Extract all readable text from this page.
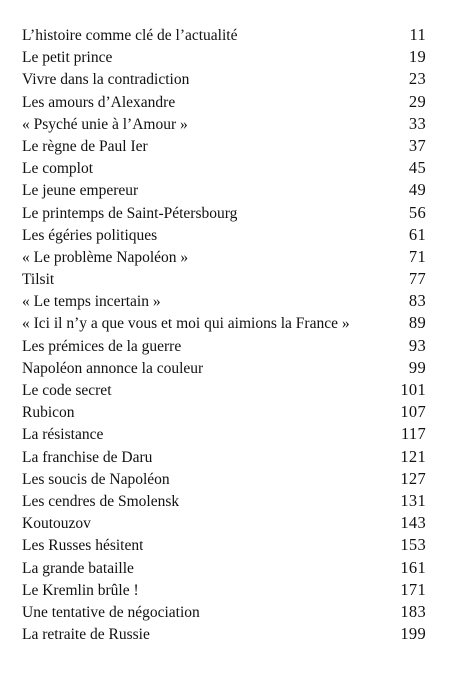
L’histoire comme clé de l’actualité	11
Le petit prince	19
Vivre dans la contradiction	23
Les amours d’Alexandre	29
« Psyché unie à l’Amour »	33
Le règne de Paul Ier	37
Le complot	45
Le jeune empereur	49
Le printemps de Saint-Pétersbourg	56
Les égéries politiques	61
« Le problème Napoléon »	71
Tilsit	77
« Le temps incertain »	83
« Ici il n’y a que vous et moi qui aimions la France »	89
Les prémices de la guerre	93
Napoléon annonce la couleur	99
Le code secret	101
Rubicon	107
La résistance	117
La franchise de Daru	121
Les soucis de Napoléon	127
Les cendres de Smolensk	131
Koutouzov	143
Les Russes hésitent	153
La grande bataille	161
Le Kremlin brûle !	171
Une tentative de négociation	183
La retraite de Russie	199
